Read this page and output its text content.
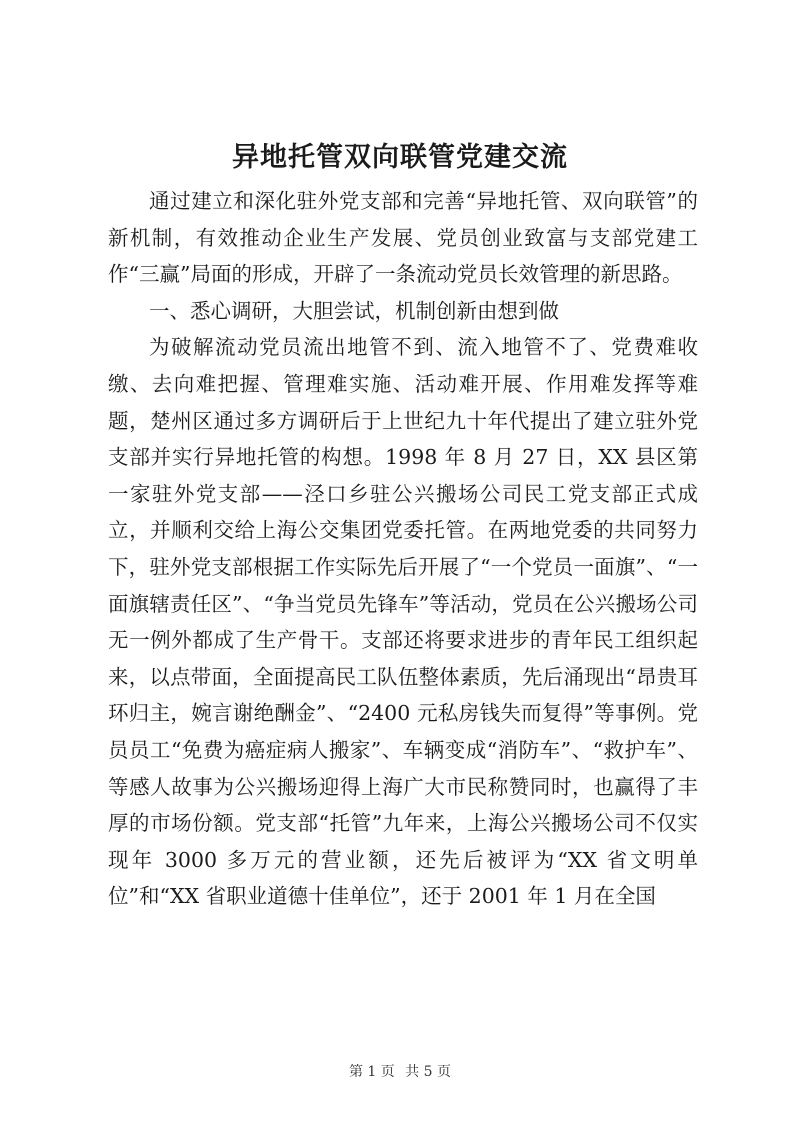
异地托管双向联管党建交流

通过建立和深化驻外党支部和完善“异地托管、双向联管”的新机制，有效推动企业生产发展、党员创业致富与支部党建工作“三赢”局面的形成，开辟了一条流动党员长效管理的新思路。

一、悉心调研，大胆尝试，机制创新由想到做

为破解流动党员流出地管不到、流入地管不了、党费难收缴、去向难把握、管理难实施、活动难开展、作用难发挥等难题，楚州区通过多方调研后于上世纪九十年代提出了建立驻外党支部并实行异地托管的构想。1998 年 8 月 27 日，XX 县区第一家驻外党支部——泾口乡驻公兴搬场公司民工党支部正式成立，并顺利交给上海公交集团党委托管。在两地党委的共同努力下，驻外党支部根据工作实际先后开展了“一个党员一面旗”、“一面旗辖责任区”、“争当党员先锋车”等活动，党员在公兴搬场公司无一例外都成了生产骨干。支部还将要求进步的青年民工组织起来，以点带面，全面提高民工队伍整体素质，先后涌现出“昂贵耳环归主，婉言谢绝酬金”、“2400 元私房钱失而复得”等事例。党员员工“免费为癌症病人搬家”、车辆变成“消防车”、“救护车”、等感人故事为公兴搬场迎得上海广大市民称赞同时，也赢得了丰厚的市场份额。党支部“托管”九年来，上海公兴搬场公司不仅实现年 3000 多万元的营业额，还先后被评为“XX 省文明单位”和“XX 省职业道德十佳单位”，还于 2001 年 1 月在全国

第 1 页 共 5 页
